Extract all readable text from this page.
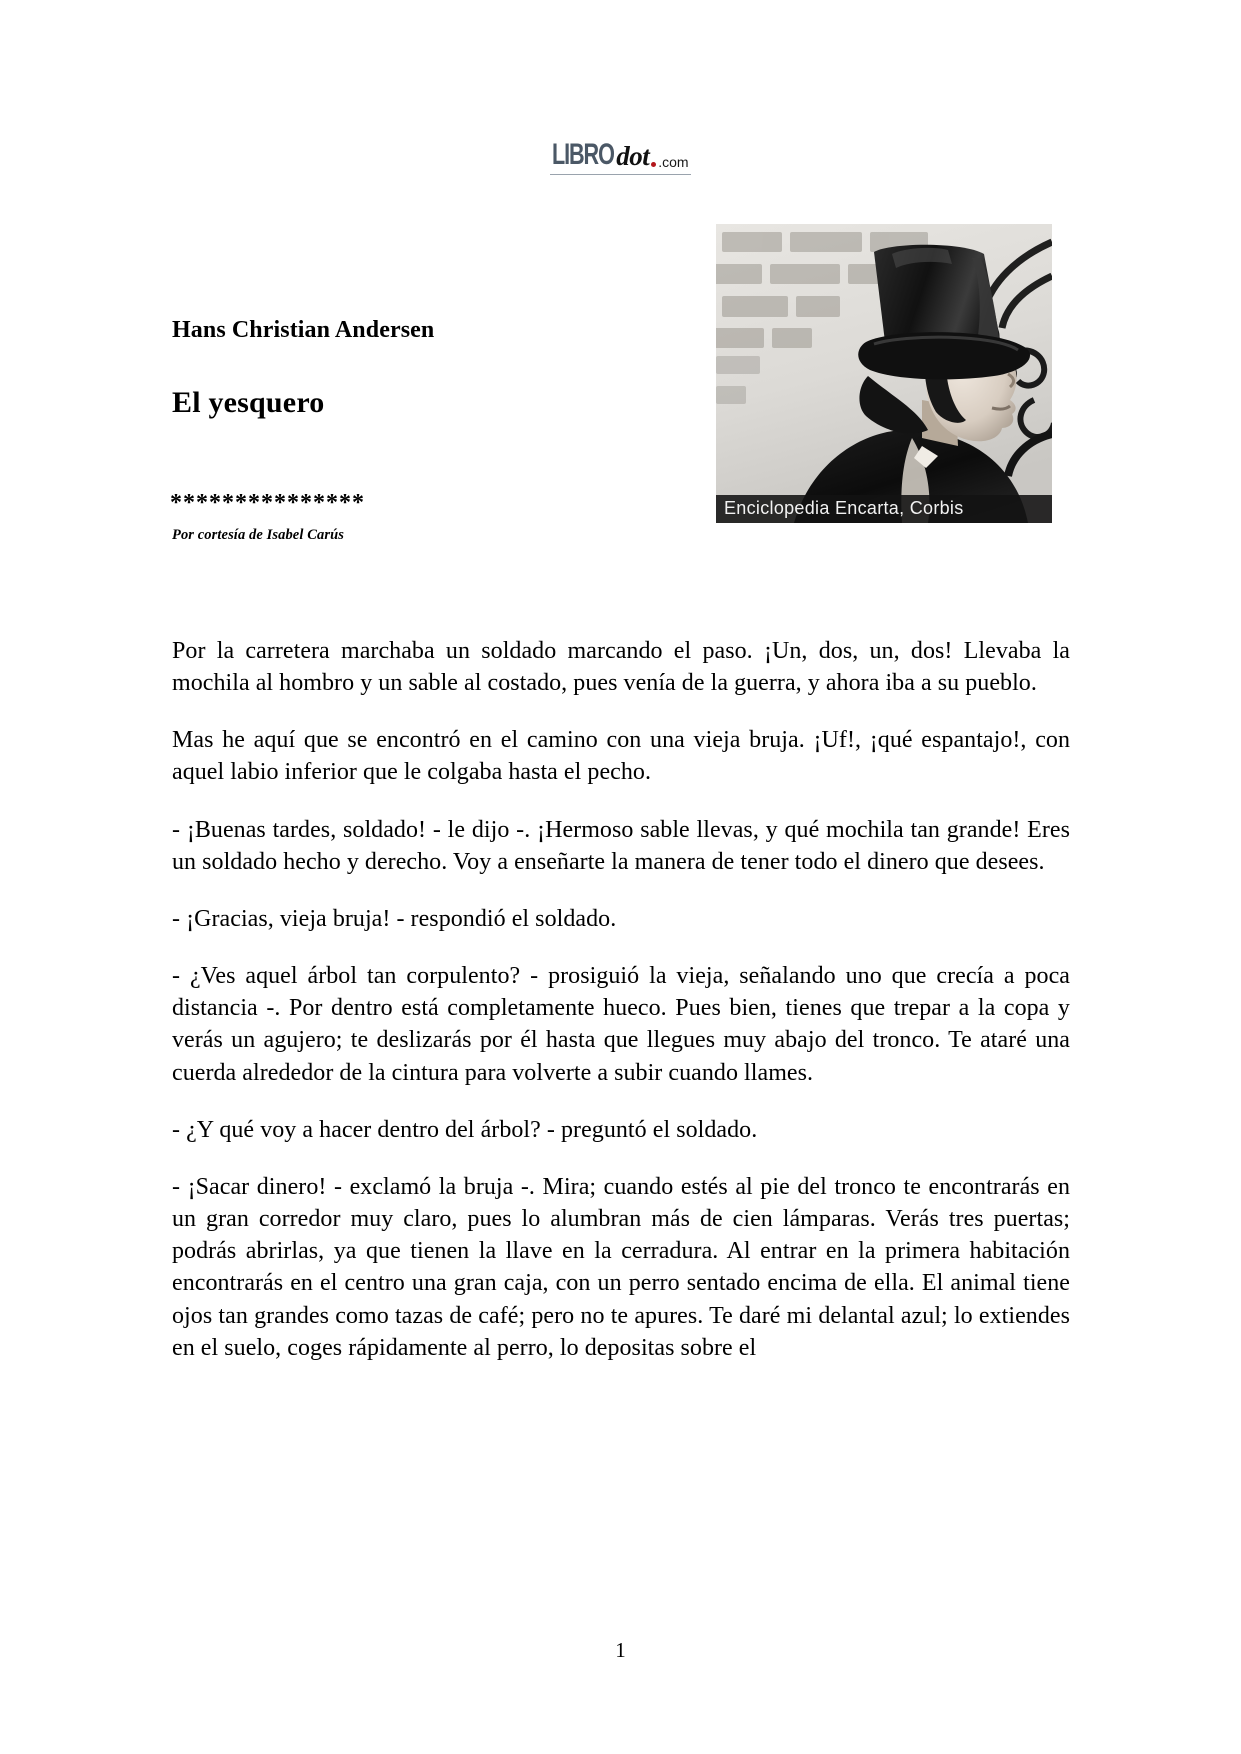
LIBROdot .com
Hans Christian Andersen
El yesquero
***************
Por cortesía de Isabel Carús
Enciclopedia Encarta, Corbis

Por la carretera marchaba un soldado marcando el paso. ¡Un, dos, un, dos! Llevaba la mochila al hombro y un sable al costado, pues venía de la guerra, y ahora iba a su pueblo.

Mas he aquí que se encontró en el camino con una vieja bruja. ¡Uf!, ¡qué espantajo!, con aquel labio inferior que le colgaba hasta el pecho.

- ¡Buenas tardes, soldado! - le dijo -. ¡Hermoso sable llevas, y qué mochila tan grande! Eres un soldado hecho y derecho. Voy a enseñarte la manera de tener todo el dinero que desees.

- ¡Gracias, vieja bruja! - respondió el soldado.

- ¿Ves aquel árbol tan corpulento? - prosiguió la vieja, señalando uno que crecía a poca distancia -. Por dentro está completamente hueco. Pues bien, tienes que trepar a la copa y verás un agujero; te deslizarás por él hasta que llegues muy abajo del tronco. Te ataré una cuerda alrededor de la cintura para volverte a subir cuando llames.

- ¿Y qué voy a hacer dentro del árbol? - preguntó el soldado.

- ¡Sacar dinero! - exclamó la bruja -. Mira; cuando estés al pie del tronco te encontrarás en un gran corredor muy claro, pues lo alumbran más de cien lámparas. Verás tres puertas; podrás abrirlas, ya que tienen la llave en la cerradura. Al entrar en la primera habitación encontrarás en el centro una gran caja, con un perro sentado encima de ella. El animal tiene ojos tan grandes como tazas de café; pero no te apures. Te daré mi delantal azul; lo extiendes en el suelo, coges rápidamente al perro, lo depositas sobre el

1
